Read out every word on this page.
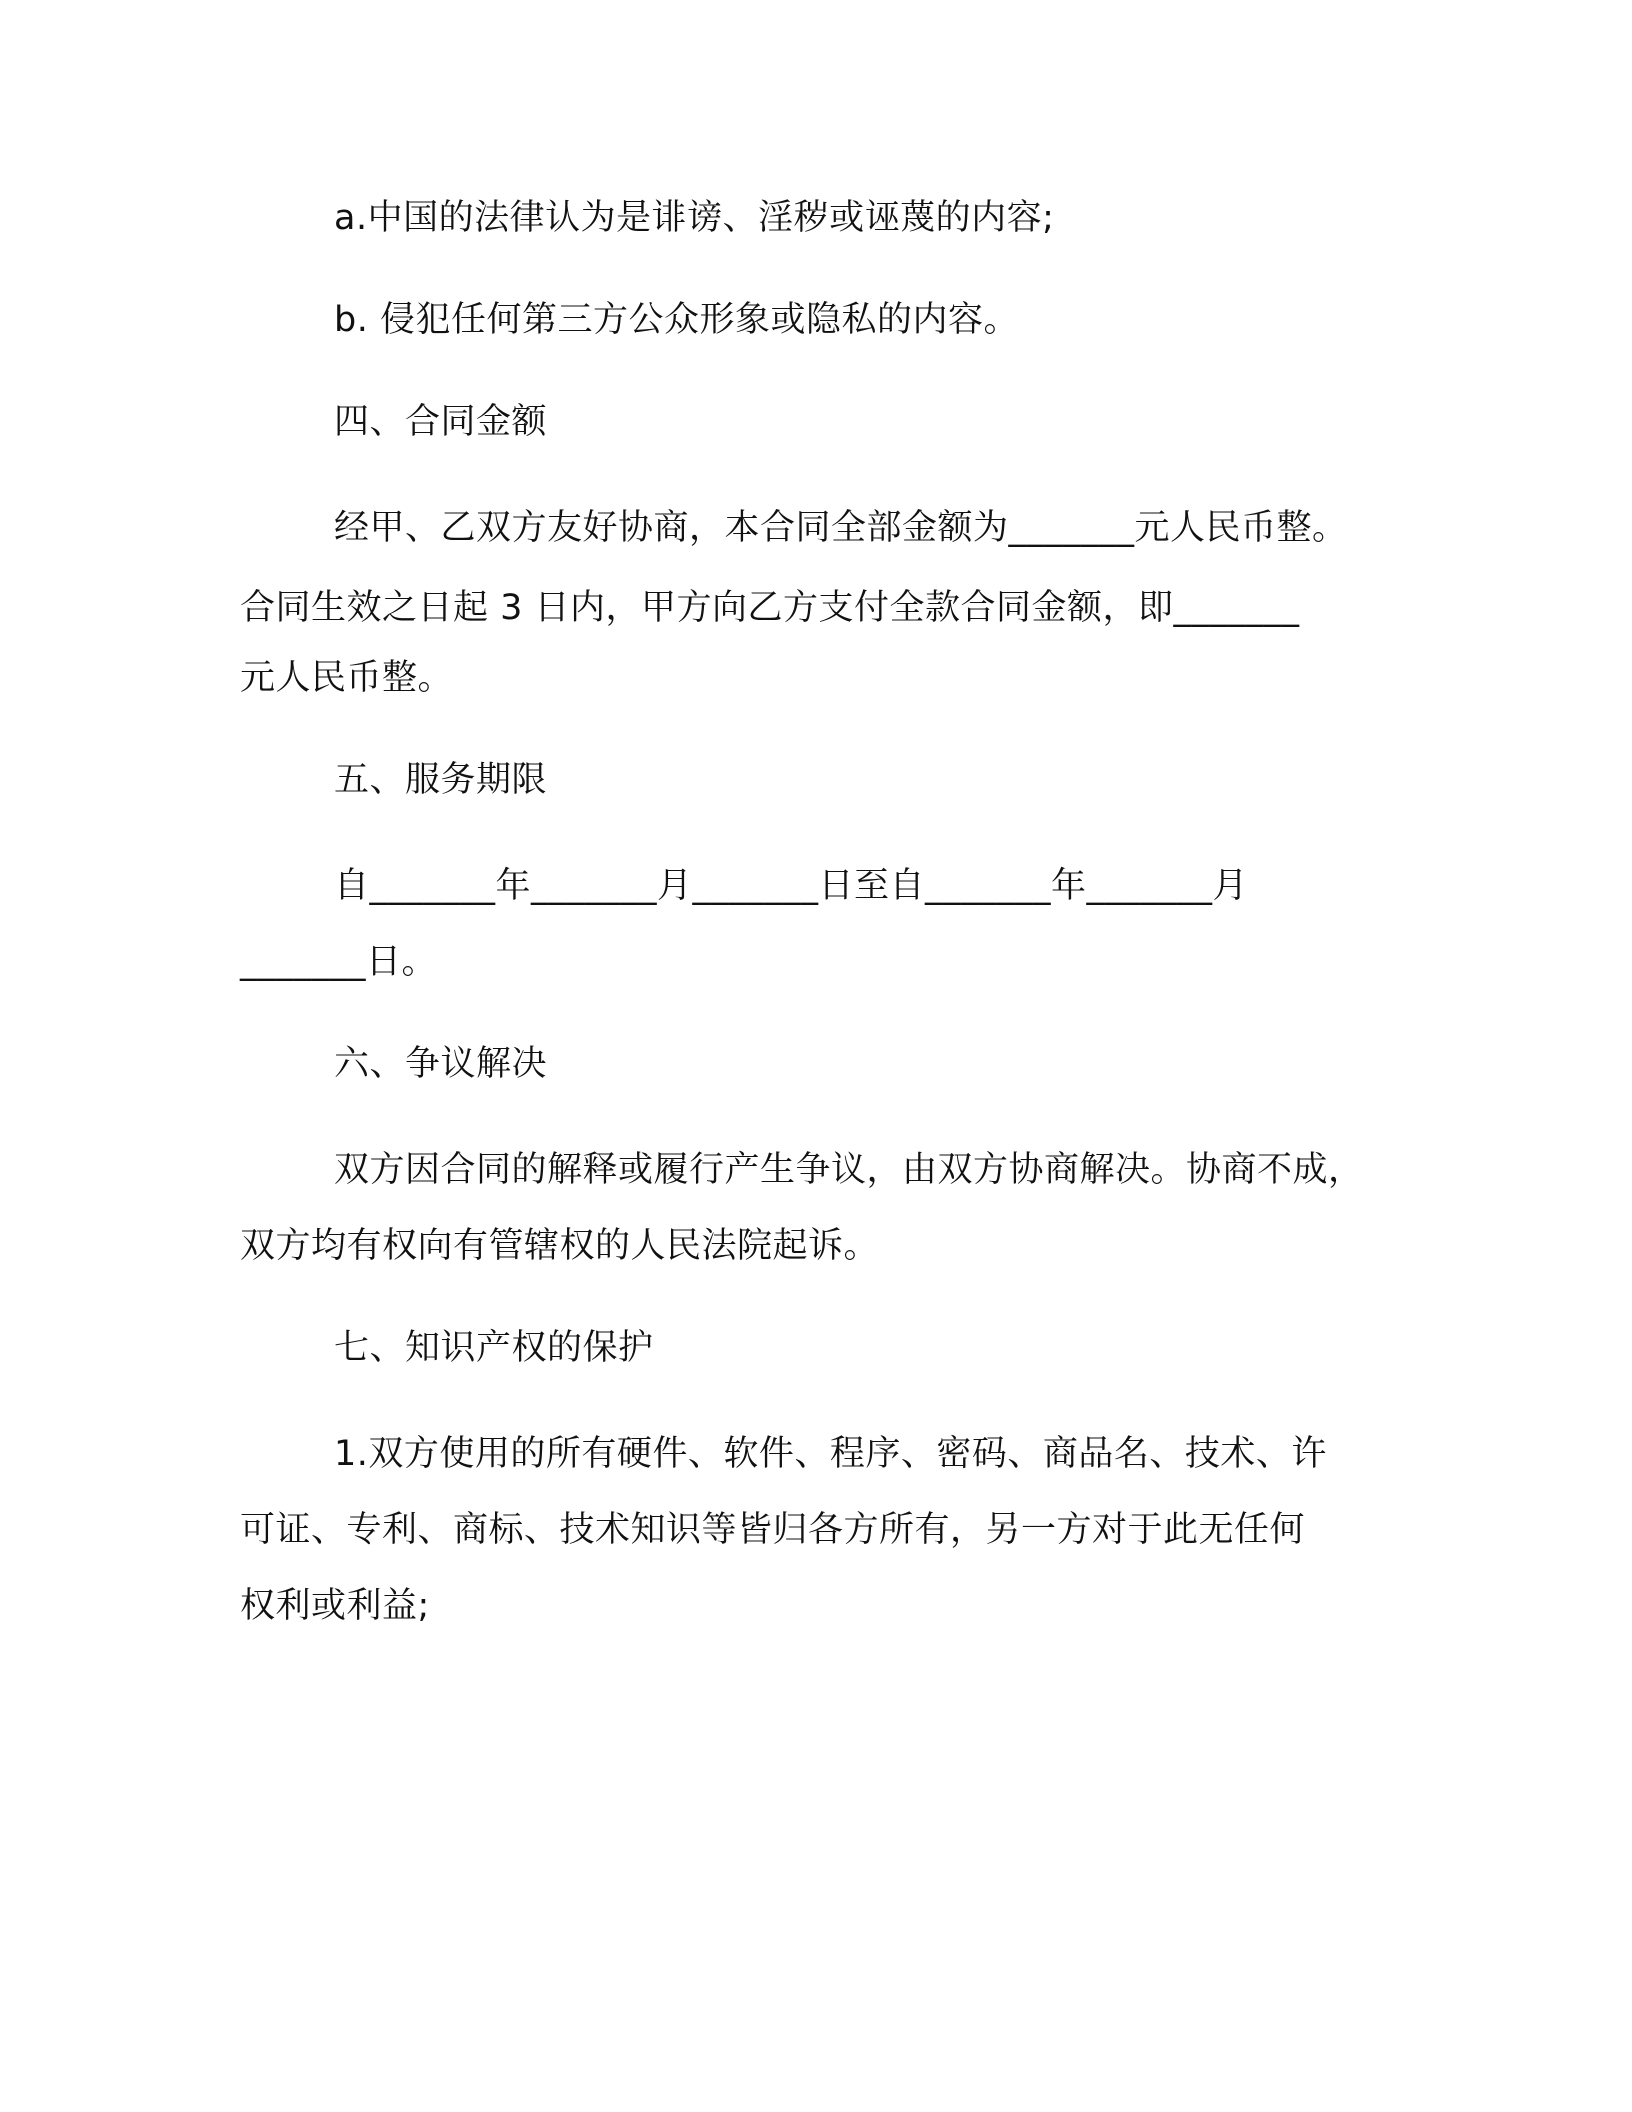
a.中国的法律认为是诽谤、淫秽或诬蔑的内容;
b. 侵犯任何第三方公众形象或隐私的内容。
四、合同金额
经甲、乙双方友好协商，本合同全部金额为_______元人民币整。
合同生效之日起 3 日内，甲方向乙方支付全款合同金额，即_______
元人民币整。
五、服务期限
自_______年_______月_______日至自_______年_______月
_______日。
六、争议解决
双方因合同的解释或履行产生争议，由双方协商解决。协商不成，
双方均有权向有管辖权的人民法院起诉。
七、知识产权的保护
1.双方使用的所有硬件、软件、程序、密码、商品名、技术、许
可证、专利、商标、技术知识等皆归各方所有，另一方对于此无任何
权利或利益;
